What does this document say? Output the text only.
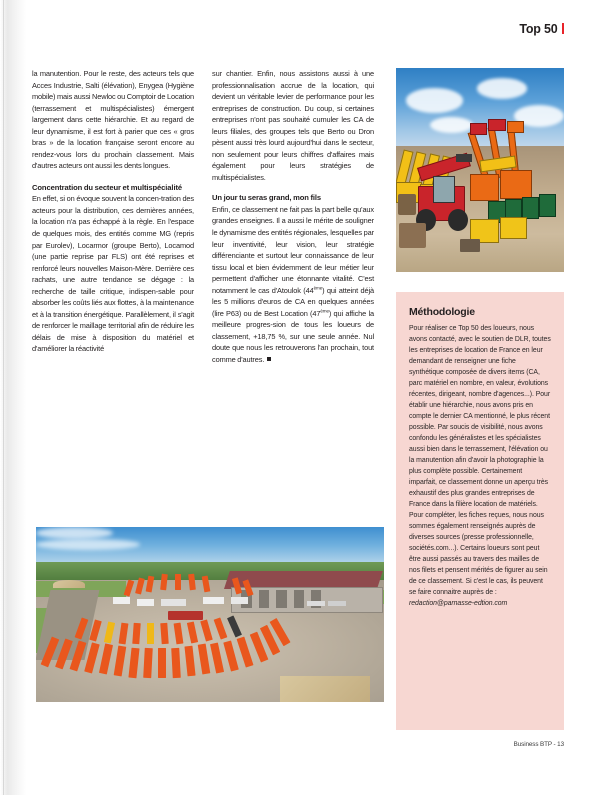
Top 50

la manutention. Pour le reste, des acteurs tels que Acces Industrie, Salti (élévation), Enygea (Hygiène mobile) mais aussi Newloc ou Comptoir de Location (terrassement et multispécialistes) émergent largement dans cette hiérarchie. Et au regard de leur dynamisme, il est fort à parier que ces « gros bras » de la location française seront encore au rendez-vous lors du prochain classement. Mais d'autres acteurs ont aussi les dents longues.

Concentration du secteur et multispécialité

En effet, si on évoque souvent la concen-tration des acteurs pour la distribution, ces dernières années, la location n'a pas échappé à la règle. En l'espace de quelques mois, des entités comme MG (repris par Eurolev), Locarmor (groupe Berto), Locamod (une partie reprise par FLS) ont été reprises et renforcé leurs nouvelles Maison-Mère. Derrière ces rachats, une autre tendance se dégage : la recherche de taille critique, indispen-sable pour absorber les coûts liés aux flottes, à la maintenance et à la transition énergétique. Parallèlement, il s'agit de renforcer le maillage territorial afin de réduire les délais de mise à disposition du matériel et d'améliorer la réactivité

sur chantier. Enfin, nous assistons aussi à une professionnalisation accrue de la location, qui devient un véritable levier de performance pour les entreprises de construction. Du coup, si certaines entreprises n'ont pas souhaité cumuler les CA de leurs filiales, des groupes tels que Berto ou Dron pèsent aussi très lourd aujourd'hui dans le secteur, non seulement pour leurs chiffres d'affaires mais également pour leurs stratégies de multispécialistes.

Un jour tu seras grand, mon fils

Enfin, ce classement ne fait pas la part belle qu'aux grandes enseignes. Il a aussi le mérite de souligner le dynamisme des entités régionales, lesquelles par leur inventivité, leur vision, leur stratégie différenciante et surtout leur connaissance de leur tissu local et bien évidemment de leur métier leur permettent d'afficher une étonnante vitalité. C'est notamment le cas d'Atoulok (44ème) qui atteint déjà les 5 millions d'euros de CA en quelques années (lire P63) ou de Best Location (47ème) qui affiche la meilleure progres-sion de tous les loueurs de classement, +18,75 %, sur une seule année. Nul doute que nous les retrouverons l'an prochain, tout comme d'autres.

Méthodologie

Pour réaliser ce Top 50 des loueurs, nous avons contacté, avec le soutien de DLR, toutes les entreprises de location de France en leur demandant de renseigner une fiche synthétique composée de divers items (CA, parc matériel en nombre, en valeur, évolutions récentes, dirigeant, nombre d'agences...). Pour établir une hiérarchie, nous avons pris en compte le dernier CA mentionné, le plus récent possible. Par soucis de visibilité, nous avons confondu les généralistes et les spécialistes aussi bien dans le terrassement, l'élévation ou la manutention afin d'avoir la photographie la plus complète possible. Certainement imparfait, ce classement donne un aperçu très exhaustif des plus grandes entreprises de France dans la filière location de matériels. Pour compléter, les fiches reçues, nous nous sommes également renseignés auprès de diverses sources (presse professionnelle, sociétés.com...). Certains loueurs sont peut être aussi passés au travers des mailles de nos filets et pensent mérités de figurer au sein de ce classement. Si c'est le cas, ils peuvent se faire connaitre auprès de :

redaction@parnasse-edtion.com

Business BTP - 13
